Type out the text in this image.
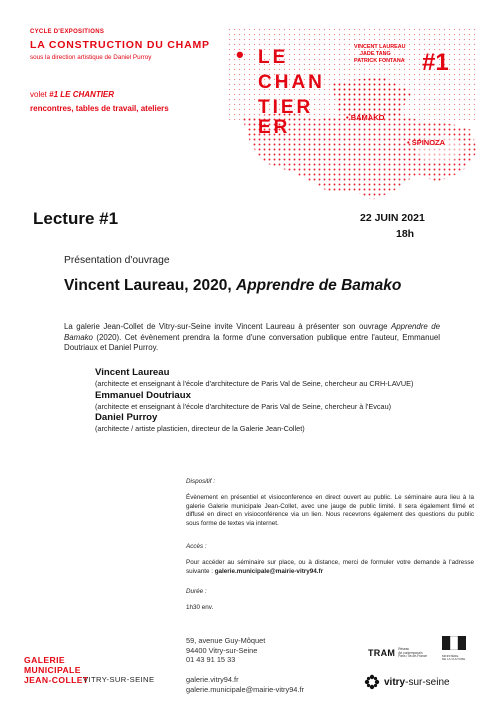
CYCLE D'EXPOSITIONS
LA CONSTRUCTION DU CHAMP
sous la direction artistique de Daniel Purroy
volet #1 LE CHANTIER
rencontres, tables de travail, ateliers
• LE
CHAN
TIER
ER
#1
VINCENT LAUREAU
JADE TANG
PATRICK FONTANA
• BAMAKO
• SPINOZA
Lecture #1	22 JUIN 2021
18h
Présentation d'ouvrage
Vincent Laureau, 2020, Apprendre de Bamako
La galerie Jean-Collet de Vitry-sur-Seine invite Vincent Laureau à présenter son ouvrage Apprendre de Bamako (2020). Cet évènement prendra la forme d'une conversation publique entre l'auteur, Emmanuel Doutriaux et Daniel Purroy.
Vincent Laureau
(architecte et enseignant à l'école d'architecture de Paris Val de Seine, chercheur au CRH-LAVUE)
Emmanuel Doutriaux
(architecte et enseignant à l'école d'architecture de Paris Val de Seine, chercheur à l'Evcau)
Daniel Purroy
(architecte / artiste plasticien, directeur de la Galerie Jean-Collet)
Dispositif :
Évènement en présentiel et visioconference en direct ouvert au public. Le séminaire aura lieu à la galerie Galerie municipale Jean-Collet, avec une jauge de public limité. Il sera également filmé et diffusé en direct en visioconférence via un lien. Nous recevrons également des questions du public sous forme de textes via internet.
Accès :
Pour accéder au séminaire sur place, ou à distance, merci de formuler votre demande à l'adresse suivante : galerie.municipale@mairie-vitry94.fr
Durée :
1h30 env.
59, avenue Guy-Môquet
94400 Vitry-sur-Seine
01 43 91 15 33
galerie.vitry94.fr
galerie.municipale@mairie-vitry94.fr
GALERIE
MUNICIPALE
JEAN-COLLET
VITRY-SUR-SEINE
TRAM Réseau
Art contemporain
Paris / Île-de-France	MINISTÈRE
DE LA CULTURE
vitry-sur-seine
